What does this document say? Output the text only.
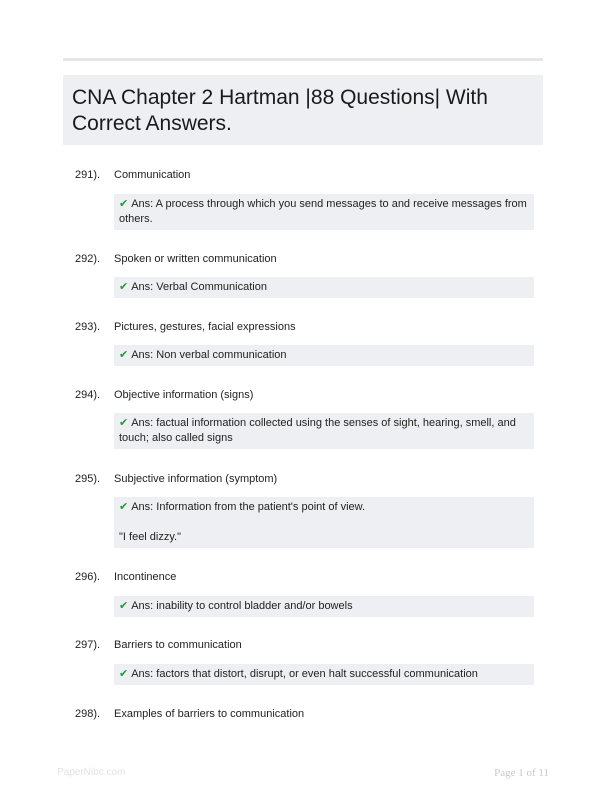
CNA Chapter 2 Hartman |88 Questions| With Correct Answers.
291). Communication
✔ Ans: A process through which you send messages to and receive messages from others.
292). Spoken or written communication
✔ Ans: Verbal Communication
293). Pictures, gestures, facial expressions
✔ Ans: Non verbal communication
294). Objective information (signs)
✔ Ans: factual information collected using the senses of sight, hearing, smell, and touch; also called signs
295). Subjective information (symptom)
✔ Ans: Information from the patient's point of view.
"I feel dizzy."
296). Incontinence
✔ Ans: inability to control bladder and/or bowels
297). Barriers to communication
✔ Ans: factors that distort, disrupt, or even halt successful communication
298). Examples of barriers to communication
PaperNibc.com	Page 1 of 11
